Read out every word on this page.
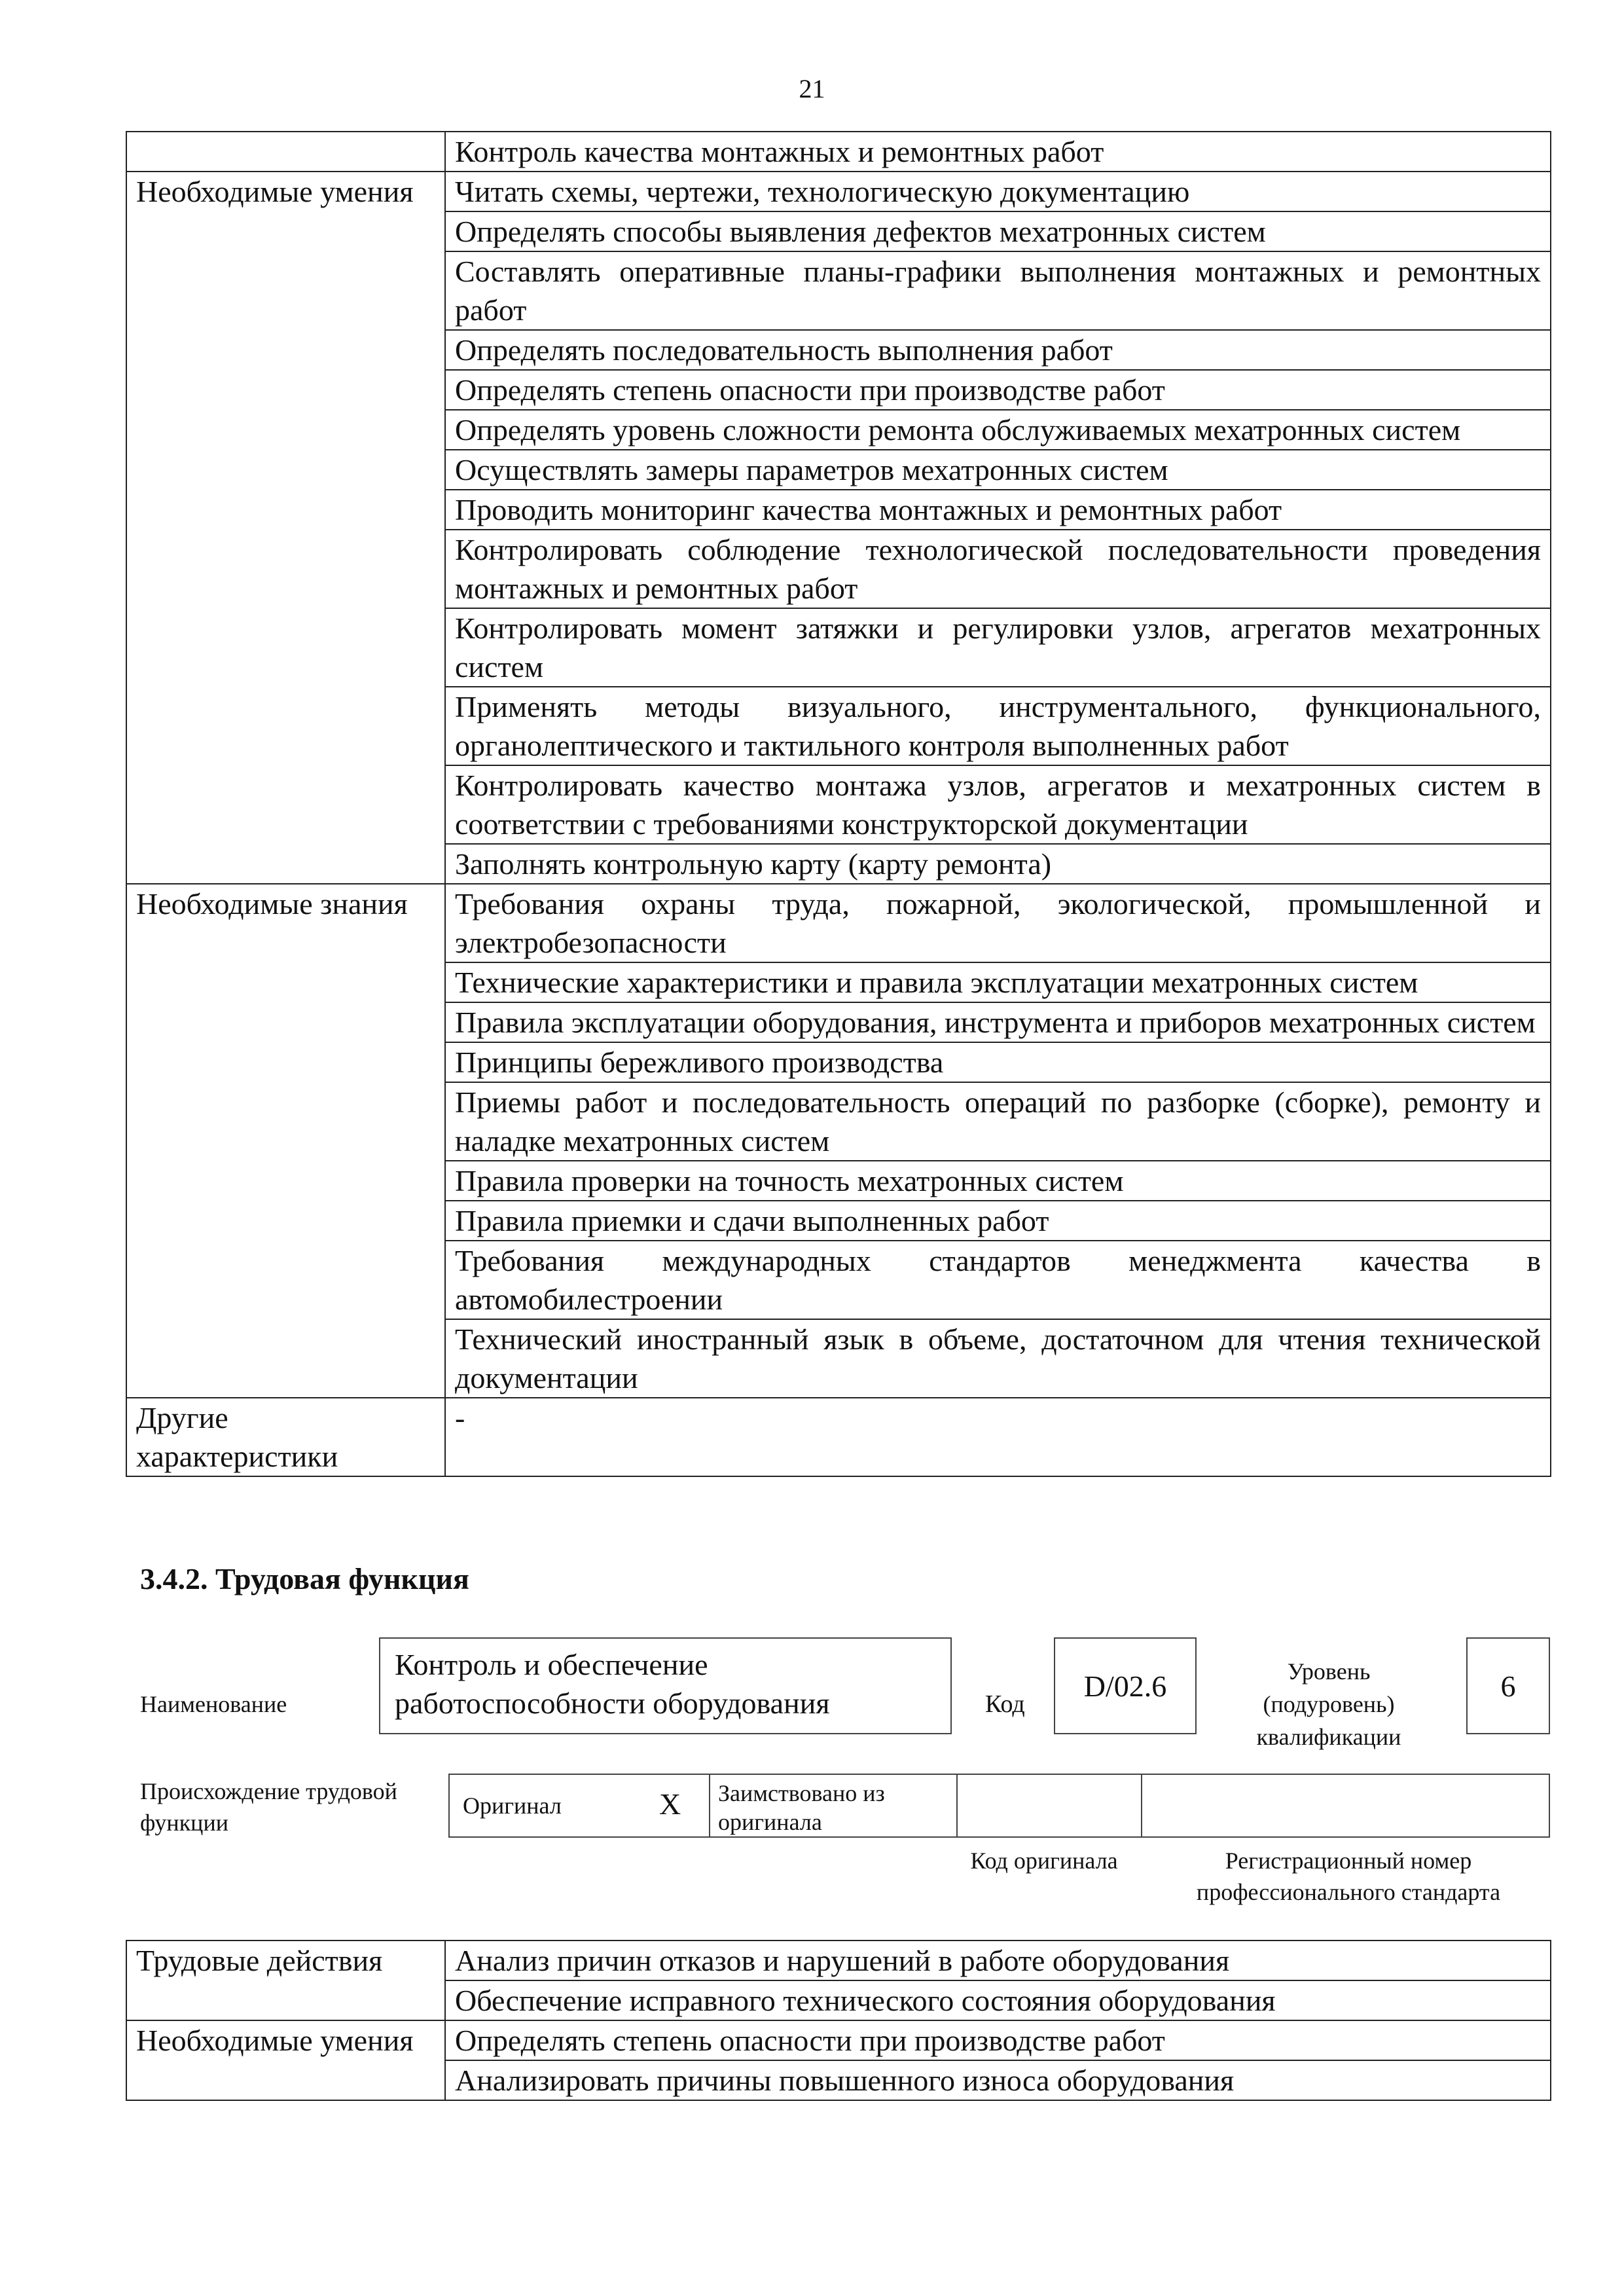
21
	Контроль качества монтажных и ремонтных работ
Необходимые умения	Читать схемы, чертежи, технологическую документацию
	Определять способы выявления дефектов мехатронных систем
	Составлять оперативные планы-графики выполнения монтажных и ремонтных работ
	Определять последовательность выполнения работ
	Определять степень опасности при производстве работ
	Определять уровень сложности ремонта обслуживаемых мехатронных систем
	Осуществлять замеры параметров мехатронных систем
	Проводить мониторинг качества монтажных и ремонтных работ
	Контролировать соблюдение технологической последовательности проведения монтажных и ремонтных работ
	Контролировать момент затяжки и регулировки узлов, агрегатов мехатронных систем
	Применять методы визуального, инструментального, функционального, органолептического и тактильного контроля выполненных работ
	Контролировать качество монтажа узлов, агрегатов и мехатронных систем в соответствии с требованиями конструкторской документации
	Заполнять контрольную карту (карту ремонта)
Необходимые знания	Требования охраны труда, пожарной, экологической, промышленной и электробезопасности
	Технические характеристики и правила эксплуатации мехатронных систем
	Правила эксплуатации оборудования, инструмента и приборов мехатронных систем
	Принципы бережливого производства
	Приемы работ и последовательность операций по разборке (сборке), ремонту и наладке мехатронных систем
	Правила проверки на точность мехатронных систем
	Правила приемки и сдачи выполненных работ
	Требования международных стандартов менеджмента качества в автомобилестроении
	Технический иностранный язык в объеме, достаточном для чтения технической документации
Другие характеристики	-
3.4.2. Трудовая функция
Наименование
Контроль и обеспечение работоспособности оборудования	Код
D/02.6	Уровень (подуровень) квалификации
6
Происхождение трудовой функции
Оригинал	X	Заимствовано из оригинала
Код оригинала	Регистрационный номер профессионального стандарта
Трудовые действия	Анализ причин отказов и нарушений в работе оборудования
	Обеспечение исправного технического состояния оборудования
Необходимые умения	Определять степень опасности при производстве работ
	Анализировать причины повышенного износа оборудования
